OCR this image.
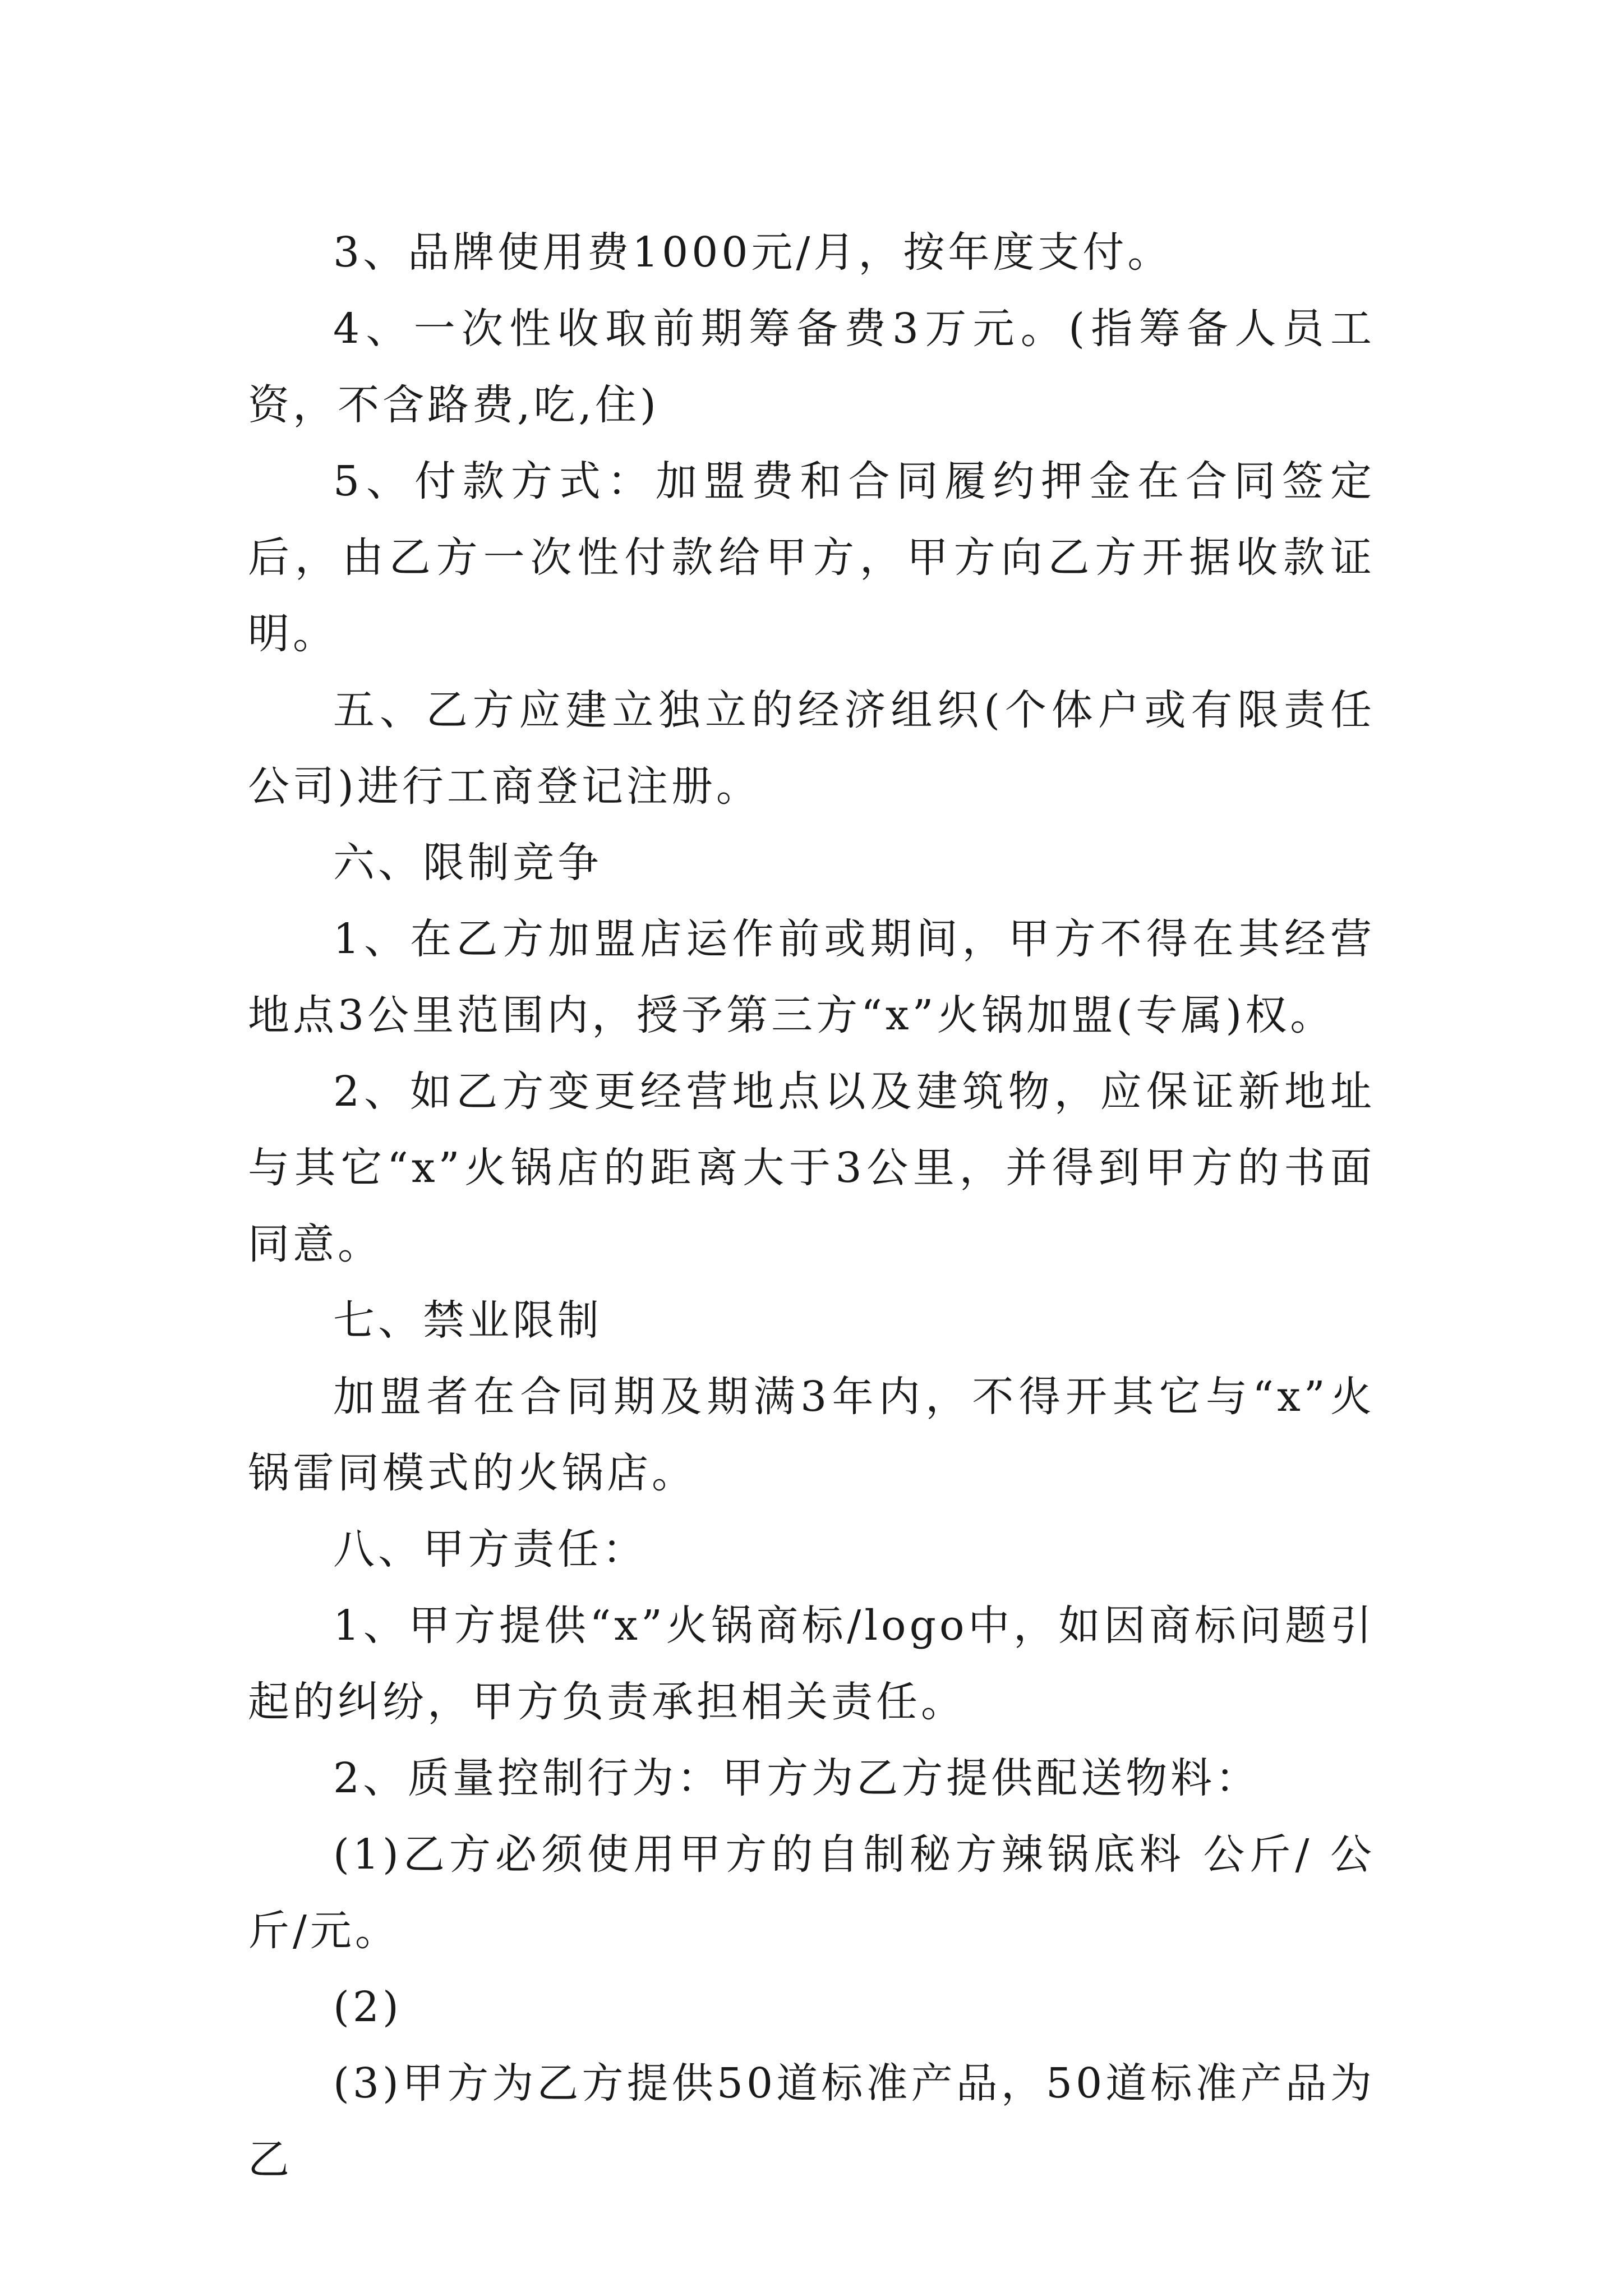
3、品牌使用费1000元/月，按年度支付。

4、一次性收取前期筹备费3万元。(指筹备人员工资，不含路费,吃,住)

5、付款方式：加盟费和合同履约押金在合同签定后，由乙方一次性付款给甲方，甲方向乙方开据收款证明。

五、乙方应建立独立的经济组织(个体户或有限责任公司)进行工商登记注册。

六、限制竞争

1、在乙方加盟店运作前或期间，甲方不得在其经营地点3公里范围内，授予第三方“x”火锅加盟(专属)权。

2、如乙方变更经营地点以及建筑物，应保证新地址与其它“x”火锅店的距离大于3公里，并得到甲方的书面同意。

七、禁业限制

加盟者在合同期及期满3年内，不得开其它与“x”火锅雷同模式的火锅店。

八、甲方责任：

1、甲方提供“x”火锅商标/logo中，如因商标问题引起的纠纷，甲方负责承担相关责任。

2、质量控制行为：甲方为乙方提供配送物料：

(1)乙方必须使用甲方的自制秘方辣锅底料 公斤/ 公斤/元。

(2)

(3)甲方为乙方提供50道标准产品，50道标准产品为乙
